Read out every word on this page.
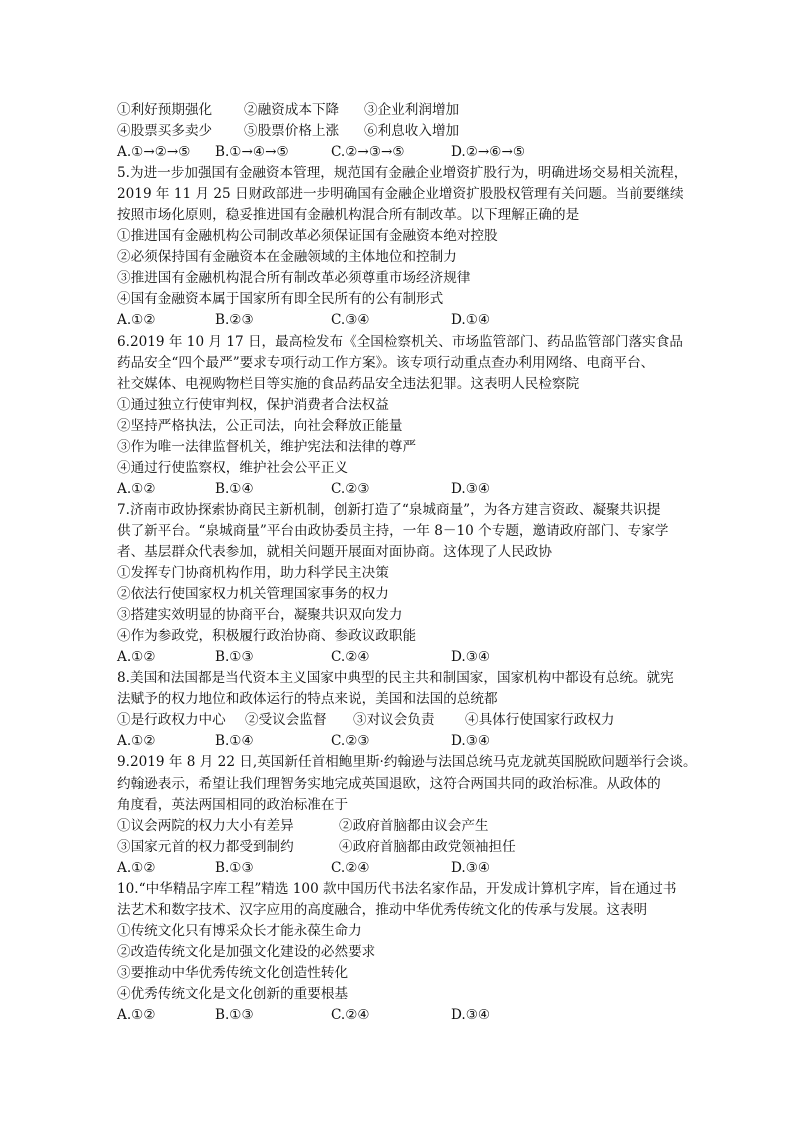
①利好预期强化	②融资成本下降	③企业利润增加
④股票买多卖少	⑤股票价格上涨	⑥利息收入增加
A.①→②→⑤	B.①→④→⑤	C.②→③→⑤	D.②→⑥→⑤
5.为进一步加强国有金融资本管理，规范国有金融企业增资扩股行为，明确进场交易相关流程，
2019 年 11 月 25 日财政部进一步明确国有金融企业增资扩股股权管理有关问题。当前要继续
按照市场化原则，稳妥推进国有金融机构混合所有制改革。以下理解正确的是
①推进国有金融机构公司制改革必须保证国有金融资本绝对控股
②必须保持国有金融资本在金融领域的主体地位和控制力
③推进国有金融机构混合所有制改革必须尊重市场经济规律
④国有金融资本属于国家所有即全民所有的公有制形式
A.①②	B.②③	C.③④	D.①④
6.2019 年 10 月 17 日，最高检发布《全国检察机关、市场监管部门、药品监管部门落实食品
药品安全“四个最严”要求专项行动工作方案》。该专项行动重点查办利用网络、电商平台、
社交媒体、电视购物栏目等实施的食品药品安全违法犯罪。这表明人民检察院
①通过独立行使审判权，保护消费者合法权益
②坚持严格执法，公正司法，向社会释放正能量
③作为唯一法律监督机关，维护宪法和法律的尊严
④通过行使监察权，维护社会公平正义
A.①②	B.①④	C.②③	D.③④
7.济南市政协探索协商民主新机制，创新打造了“泉城商量”，为各方建言资政、凝聚共识提
供了新平台。“泉城商量”平台由政协委员主持，一年 8－10 个专题，邀请政府部门、专家学
者、基层群众代表参加，就相关问题开展面对面协商。这体现了人民政协
①发挥专门协商机构作用，助力科学民主决策
②依法行使国家权力机关管理国家事务的权力
③搭建实效明显的协商平台，凝聚共识双向发力
④作为参政党，积极履行政治协商、参政议政职能
A.①②	B.①③	C.②④	D.③④
8.美国和法国都是当代资本主义国家中典型的民主共和制国家，国家机构中都设有总统。就宪
法赋予的权力地位和政体运行的特点来说，美国和法国的总统都
①是行政权力中心	②受议会监督	③对议会负责	④具体行使国家行政权力
A.①②	B.①④	C.②③	D.③④
9.2019 年 8 月 22 日,英国新任首相鲍里斯·约翰逊与法国总统马克龙就英国脱欧问题举行会谈。
约翰逊表示，希望让我们理智务实地完成英国退欧，这符合两国共同的政治标准。从政体的
角度看，英法两国相同的政治标准在于
①议会两院的权力大小有差异	②政府首脑都由议会产生
③国家元首的权力都受到制约	④政府首脑都由政党领袖担任
A.①②	B.①③	C.②④	D.③④
10.“中华精品字库工程”精选 100 款中国历代书法名家作品，开发成计算机字库，旨在通过书
法艺术和数字技术、汉字应用的高度融合，推动中华优秀传统文化的传承与发展。这表明
①传统文化只有博采众长才能永葆生命力
②改造传统文化是加强文化建设的必然要求
③要推动中华优秀传统文化创造性转化
④优秀传统文化是文化创新的重要根基
A.①②	B.①③	C.②④	D.③④
